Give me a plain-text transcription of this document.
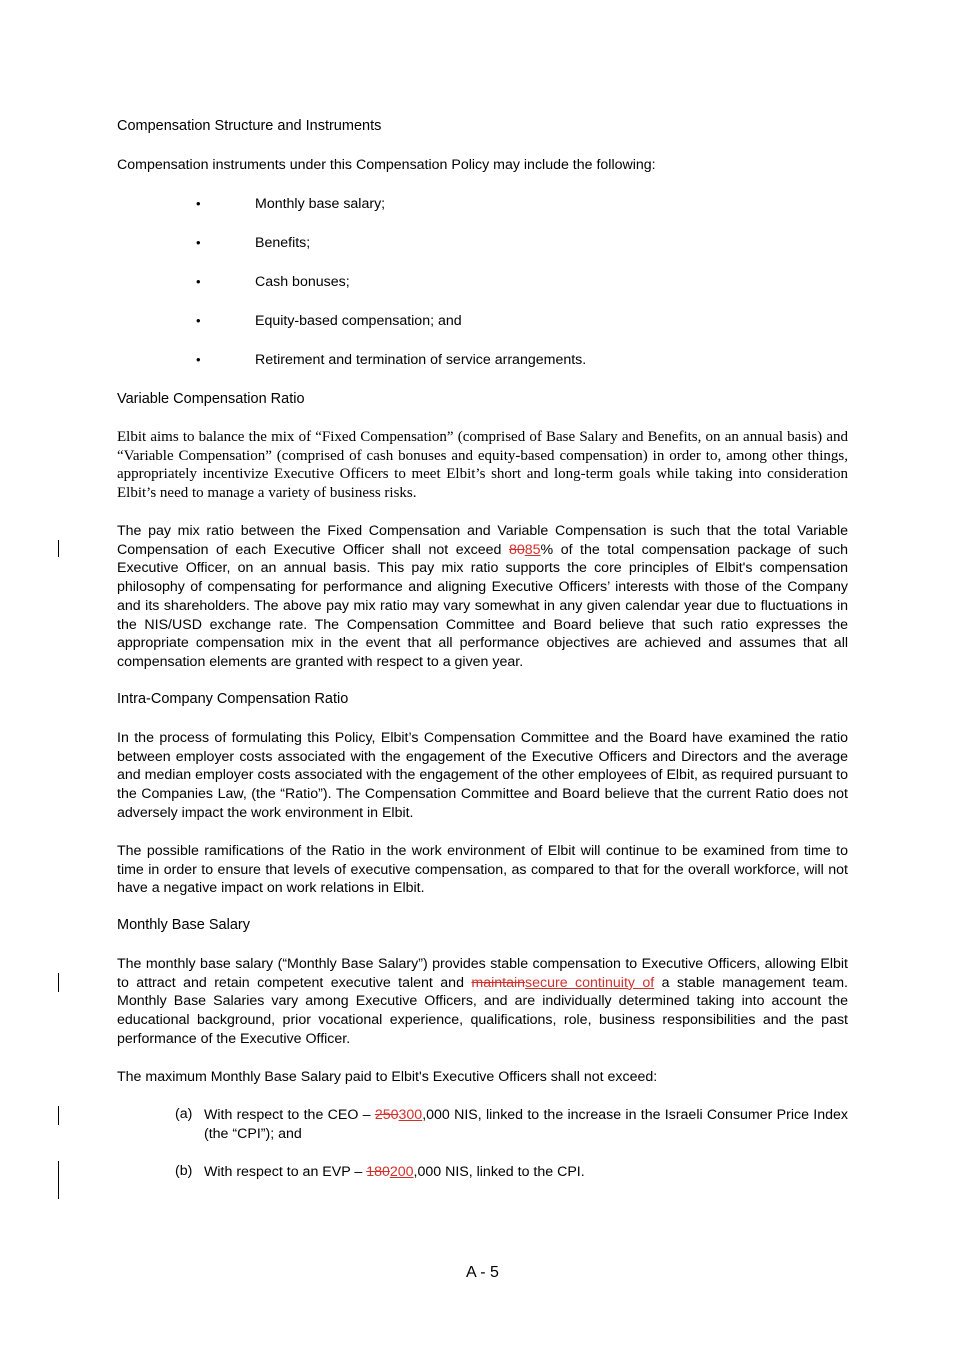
Compensation Structure and Instruments
Compensation instruments under this Compensation Policy may include the following:
•	Monthly base salary;
•	Benefits;
•	Cash bonuses;
•	Equity-based compensation; and
•	Retirement and termination of service arrangements.
Variable Compensation Ratio
Elbit aims to balance the mix of “Fixed Compensation” (comprised of Base Salary and Benefits, on an annual basis) and “Variable Compensation” (comprised of cash bonuses and equity-based compensation) in order to, among other things, appropriately incentivize Executive Officers to meet Elbit’s short and long-term goals while taking into consideration Elbit’s need to manage a variety of business risks.
The pay mix ratio between the Fixed Compensation and Variable Compensation is such that the total Variable Compensation of each Executive Officer shall not exceed 8085% of the total compensation package of such Executive Officer, on an annual basis. This pay mix ratio supports the core principles of Elbit's compensation philosophy of compensating for performance and aligning Executive Officers’ interests with those of the Company and its shareholders. The above pay mix ratio may vary somewhat in any given calendar year due to fluctuations in the NIS/USD exchange rate. The Compensation Committee and Board believe that such ratio expresses the appropriate compensation mix in the event that all performance objectives are achieved and assumes that all compensation elements are granted with respect to a given year.
Intra-Company Compensation Ratio
In the process of formulating this Policy, Elbit’s Compensation Committee and the Board have examined the ratio between employer costs associated with the engagement of the Executive Officers and Directors and the average and median employer costs associated with the engagement of the other employees of Elbit, as required pursuant to the Companies Law, (the “Ratio”). The Compensation Committee and Board believe that the current Ratio does not adversely impact the work environment in Elbit.
The possible ramifications of the Ratio in the work environment of Elbit will continue to be examined from time to time in order to ensure that levels of executive compensation, as compared to that for the overall workforce, will not have a negative impact on work relations in Elbit.
Monthly Base Salary
The monthly base salary (“Monthly Base Salary”) provides stable compensation to Executive Officers, allowing Elbit to attract and retain competent executive talent and maintainsecure continuity of a stable management team. Monthly Base Salaries vary among Executive Officers, and are individually determined taking into account the educational background, prior vocational experience, qualifications, role, business responsibilities and the past performance of the Executive Officer.
The maximum Monthly Base Salary paid to Elbit's Executive Officers shall not exceed:
(a) With respect to the CEO – 250300,000 NIS, linked to the increase in the Israeli Consumer Price Index (the “CPI”); and
(b) With respect to an EVP – 180200,000 NIS, linked to the CPI.
A - 5
